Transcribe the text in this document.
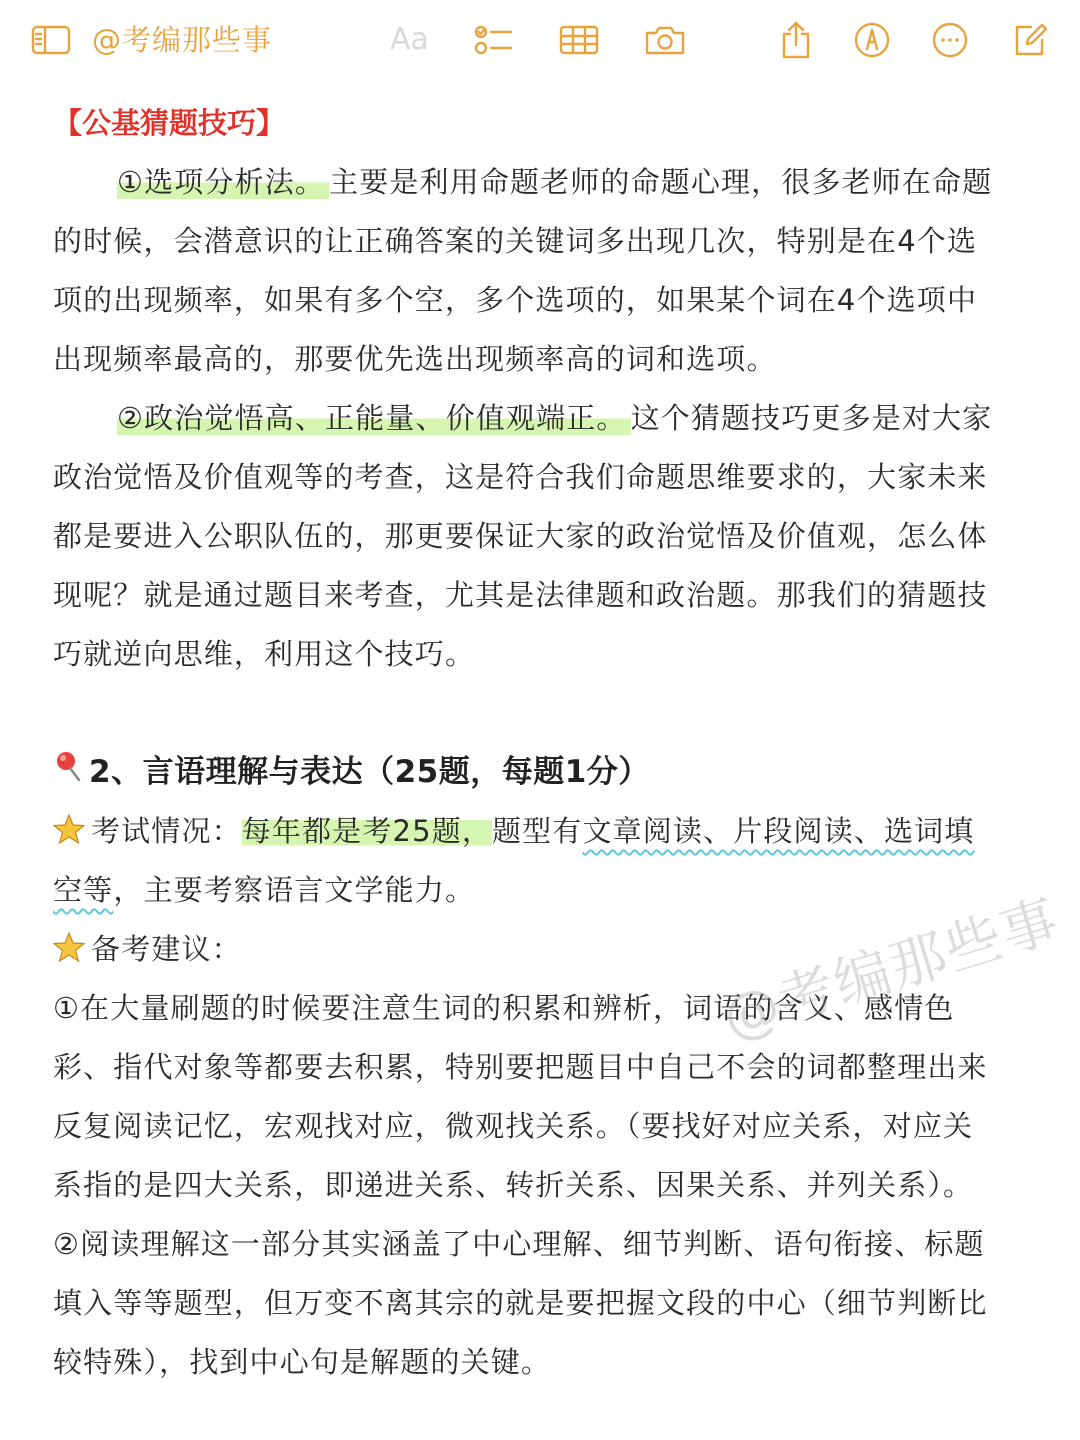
@考编那些事	Aa
【公基猜题技巧】
①选项分析法。 主要是利用命题老师的命题心理，很多老师在命题
的时候，会潜意识的让正确答案的关键词多出现几次，特别是在4个选
项的出现频率，如果有多个空，多个选项的，如果某个词在4个选项中
出现频率最高的，那要优先选出现频率高的词和选项。
②政治觉悟高、正能量、价值观端正。 这个猜题技巧更多是对大家
政治觉悟及价值观等的考查，这是符合我们命题思维要求的，大家未来
都是要进入公职队伍的，那更要保证大家的政治觉悟及价值观，怎么体
现呢？就是通过题目来考查，尤其是法律题和政治题。那我们的猜题技
巧就逆向思维，利用这个技巧。
2、言语理解与表达（25题，每题1分）
考试情况：每年都是考25题，题型有文章阅读、片段阅读、选词填
空等，主要考察语言文学能力。
备考建议：
①在大量刷题的时候要注意生词的积累和辨析，词语的含义、感情色
彩、指代对象等都要去积累，特别要把题目中自己不会的词都整理出来
反复阅读记忆，宏观找对应，微观找关系。（要找好对应关系，对应关
系指的是四大关系，即递进关系、转折关系、因果关系、并列关系）。
②阅读理解这一部分其实涵盖了中心理解、细节判断、语句衔接、标题
填入等等题型，但万变不离其宗的就是要把握文段的中心（细节判断比
较特殊），找到中心句是解题的关键。
@考编那些事
